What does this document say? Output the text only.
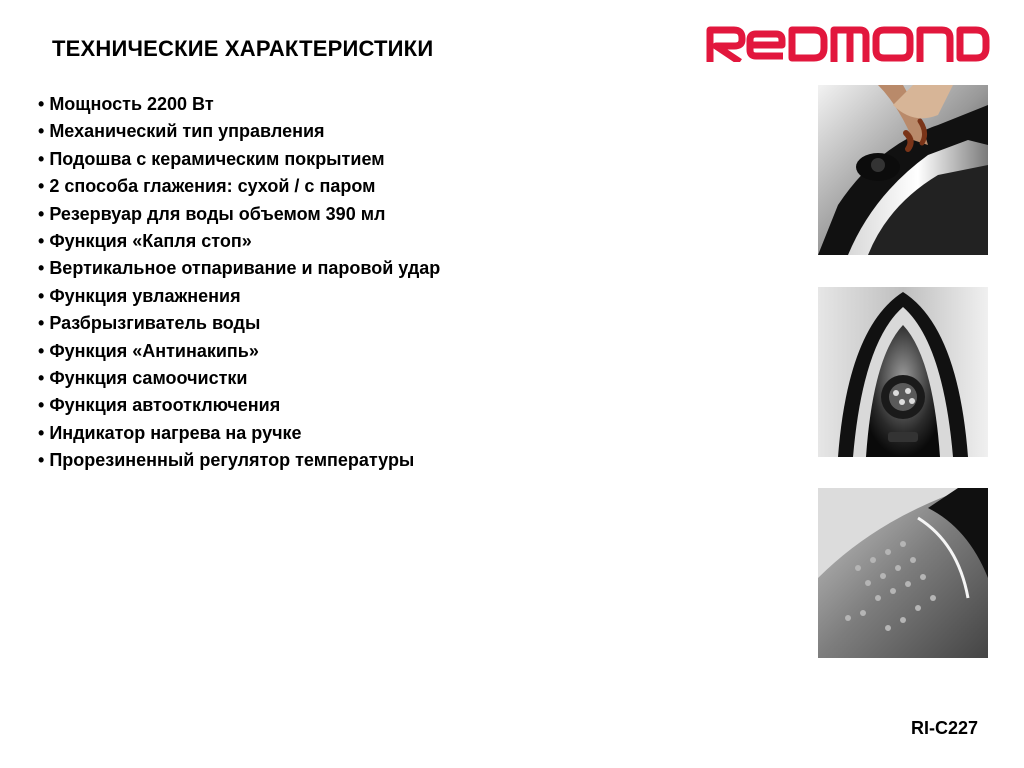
ТЕХНИЧЕСКИЕ ХАРАКТЕРИСТИКИ
• Мощность 2200 Вт
• Механический тип управления
• Подошва с керамическим покрытием
• 2 способа глажения: сухой / с паром
• Резервуар для воды объемом 390 мл
• Функция «Капля стоп»
• Вертикальное отпаривание и паровой удар
• Функция увлажнения
• Разбрызгиватель воды
• Функция «Антинакипь»
• Функция самоочистки
• Функция автоотключения
• Индикатор нагрева на ручке
• Прорезиненный регулятор температуры
RI-C227
